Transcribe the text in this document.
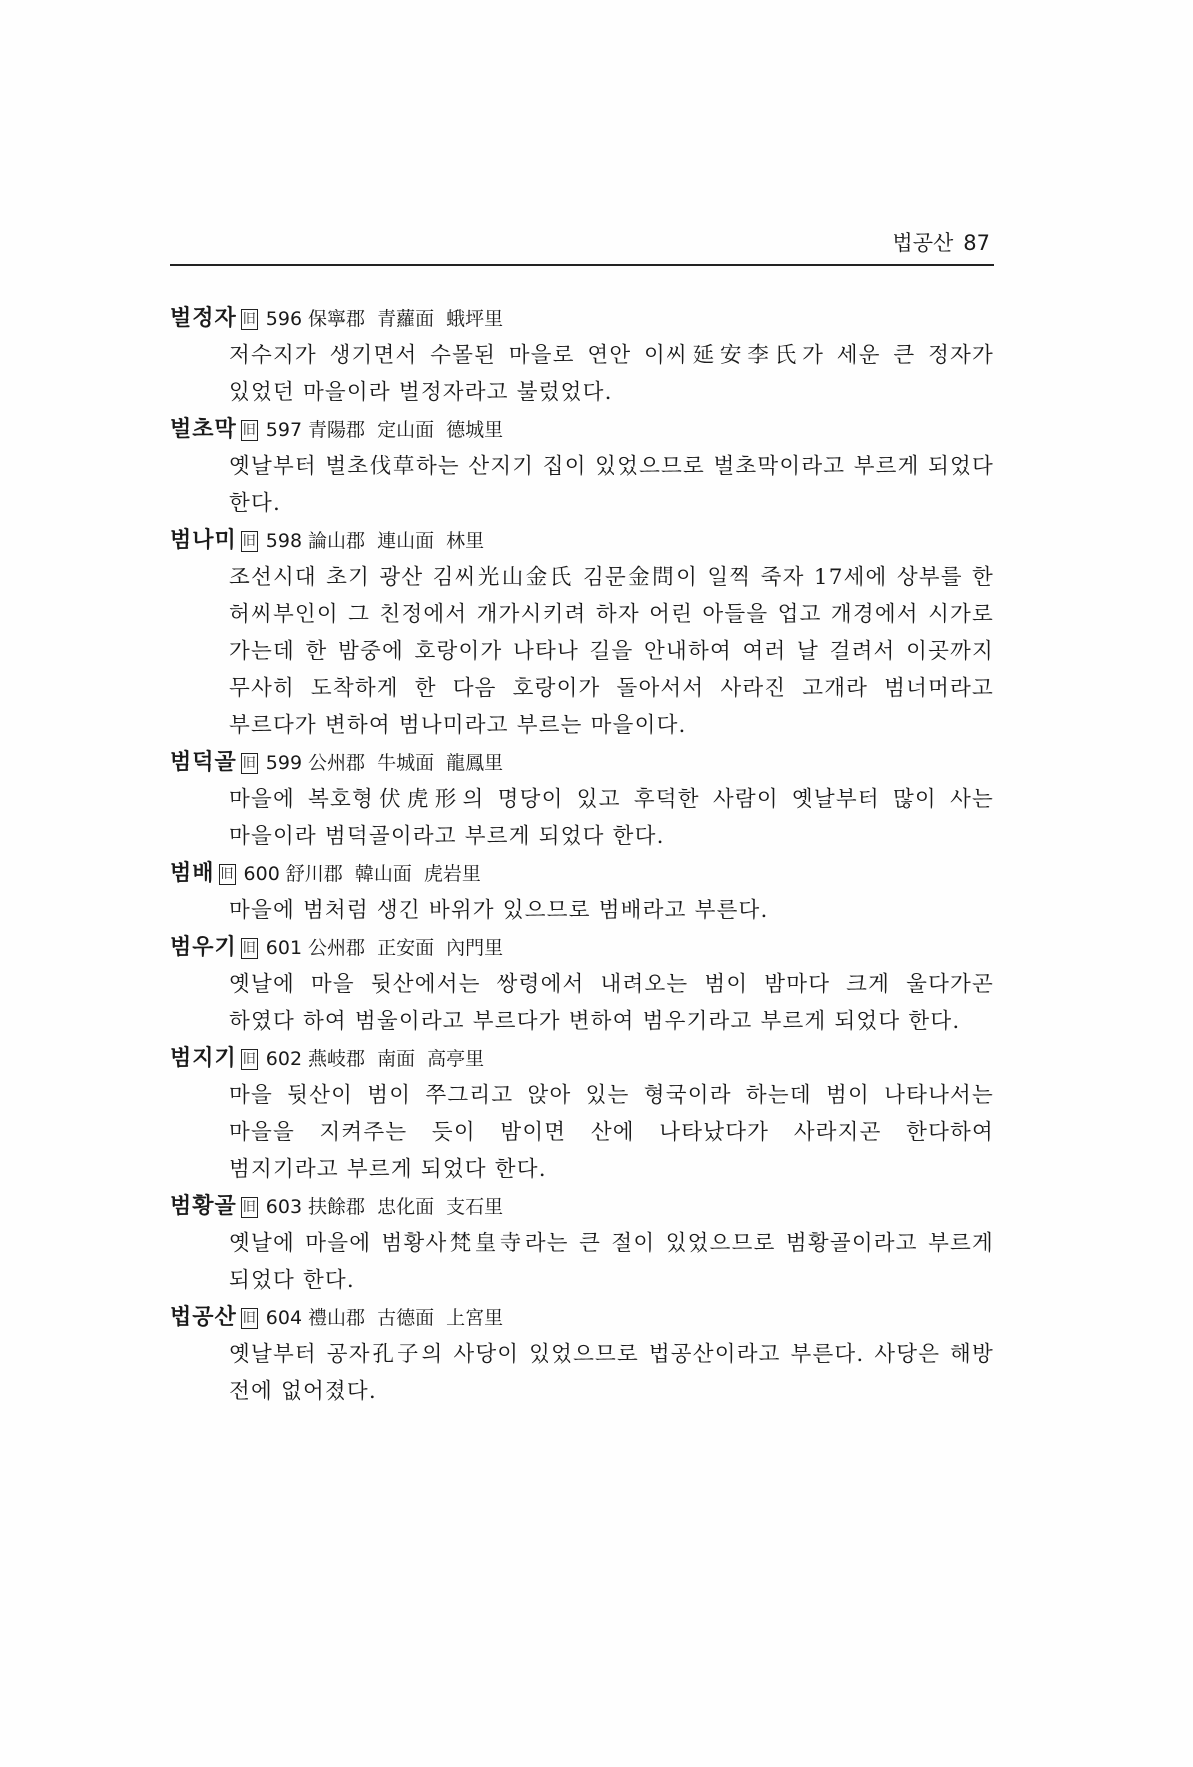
법공산 87
벌정자 旧 596 保寧郡 青蘿面 蛾坪里

저수지가 생기면서 수몰된 마을로 연안 이씨延安李氏가 세운 큰 정자가 있었던 마을이라 벌정자라고 불렀었다.

벌초막 旧 597 青陽郡 定山面 德城里

옛날부터 벌초伐草하는 산지기 집이 있었으므로 벌초막이라고 부르게 되었다 한다.

범나미 旧 598 論山郡 連山面 林里

조선시대 초기 광산 김씨光山金氏 김문金問이 일찍 죽자 17세에 상부를 한 허씨부인이 그 친정에서 개가시키려 하자 어린 아들을 업고 개경에서 시가로 가는데 한 밤중에 호랑이가 나타나 길을 안내하여 여러 날 걸려서 이곳까지 무사히 도착하게 한 다음 호랑이가 돌아서서 사라진 고개라 범너머라고 부르다가 변하여 범나미라고 부르는 마을이다.

범덕골 旧 599 公州郡 牛城面 龍鳳里

마을에 복호형伏虎形의 명당이 있고 후덕한 사람이 옛날부터 많이 사는 마을이라 범덕골이라고 부르게 되었다 한다.

범배 旧 600 舒川郡 韓山面 虎岩里

마을에 범처럼 생긴 바위가 있으므로 범배라고 부른다.

범우기 旧 601 公州郡 正安面 內門里

옛날에 마을 뒷산에서는 쌍령에서 내려오는 범이 밤마다 크게 울다가곤 하였다 하여 범울이라고 부르다가 변하여 범우기라고 부르게 되었다 한다.

범지기 旧 602 燕岐郡 南面 高亭里

마을 뒷산이 범이 쭈그리고 앉아 있는 형국이라 하는데 범이 나타나서는 마을을 지켜주는 듯이 밤이면 산에 나타났다가 사라지곤 한다하여 범지기라고 부르게 되었다 한다.

범황골 旧 603 扶餘郡 忠化面 支石里

옛날에 마을에 범황사梵皇寺라는 큰 절이 있었으므로 범황골이라고 부르게 되었다 한다.

법공산 旧 604 禮山郡 古德面 上宮里

옛날부터 공자孔子의 사당이 있었으므로 법공산이라고 부른다. 사당은 해방 전에 없어졌다.
